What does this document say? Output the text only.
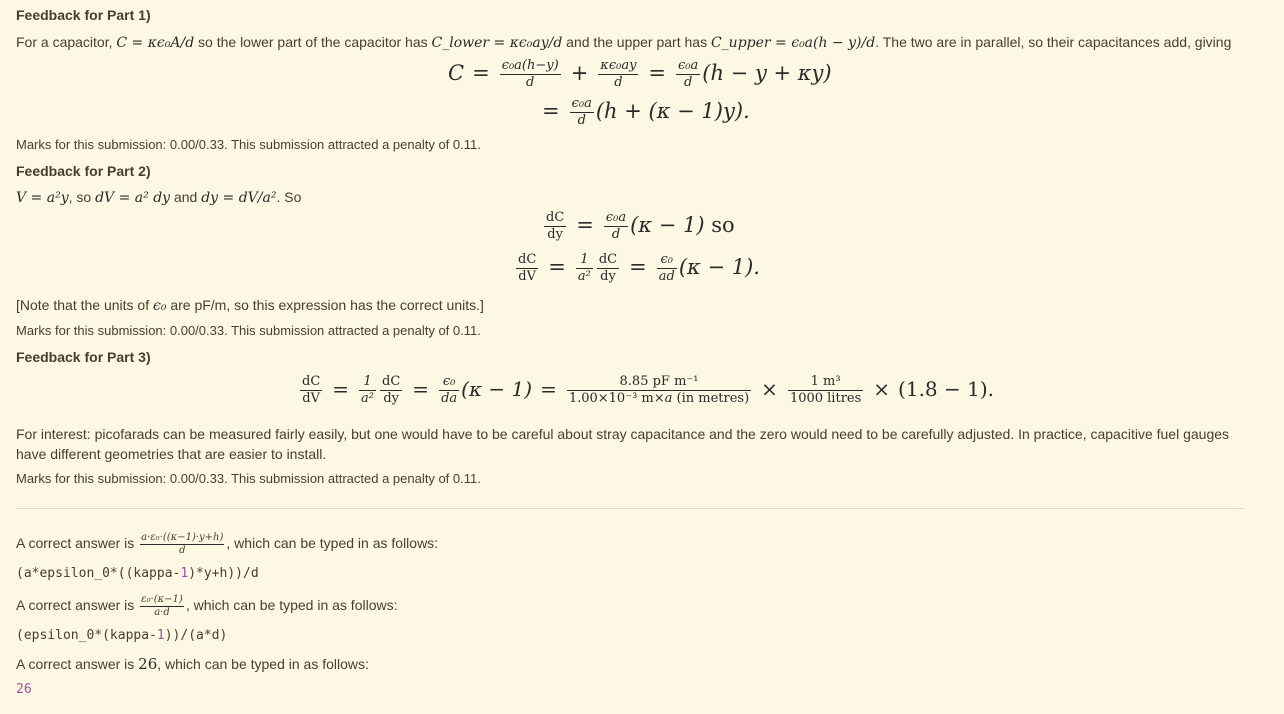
Feedback for Part 1)

For a capacitor, C = κϵ₀A/d so the lower part of the capacitor has C_lower = κϵ₀ay/d and the upper part has C_upper = ϵ₀a(h − y)/d. The two are in parallel, so their capacitances add, giving

$C = \frac{\text{ϵ₀a(h−y)}}{d} + \frac{\text{κϵ₀ay}}{d} = \frac{\text{ϵ₀a}}{d} (h - y + \kappa y)$
= $\frac{\text{ϵ₀a}}{d} (h + (\kappa - 1)y)$.

Marks for this submission: 0.00/0.33. This submission attracted a penalty of 0.11.

Feedback for Part 2)

V = a²y, so dV = a² dy and dy = dV/a². So

$\frac{dC}{dy} = \frac{\text{ϵ₀a}}{d} (\kappa - 1)$ so
$\frac{dC}{dV} = \frac{1}{\text{a²}} \frac{dC}{dy} = \frac{\text{ϵ₀}}{ad} (\kappa - 1)$.

[Note that the units of ϵ₀ are pF/m, so this expression has the correct units.]

Marks for this submission: 0.00/0.33. This submission attracted a penalty of 0.11.

Feedback for Part 3)

$\frac{dC}{dV} = \frac{1}{\text{a²}} \frac{dC}{dy} = \frac{\text{ϵ₀}}{da} (\kappa - 1) = \frac{\text{8.85 pF m⁻¹}}{\text{1.00×10⁻³ m×a (in metres)}} \times \frac{\text{1 m³}}{\text{1000 litres}} \times (1.8 - 1)$.

For interest: picofarads can be measured fairly easily, but one would have to be careful about stray capacitance and the zero would need to be carefully adjusted. In practice, capacitive fuel gauges have different geometries that are easier to install.

Marks for this submission: 0.00/0.33. This submission attracted a penalty of 0.11.

A correct answer is $\frac{\text{a·ε₀·((κ−1)·y+h)}}{d}$ , which can be typed in as follows:

(a*epsilon_0*((kappa-1)*y+h))/d

A correct answer is $\frac{\text{ε₀·(κ−1)}}{a\cdot d}$ , which can be typed in as follows:

(epsilon_0*(kappa-1))/(a*d)

A correct answer is 26, which can be typed in as follows:

26
